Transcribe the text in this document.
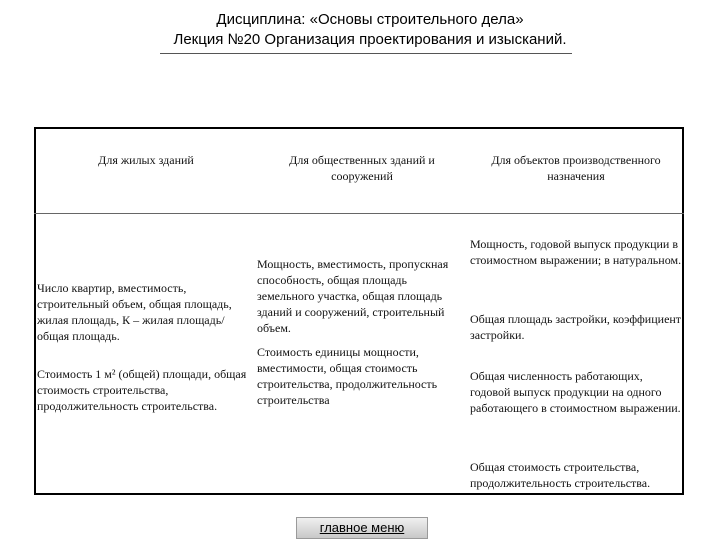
Дисциплина: «Основы строительного дела»
Лекция №20 Организация проектирования и изысканий.
Для жилых зданий	Для общественных зданий и сооружений
Для объектов производственного назначения
Число квартир, вместимость, строительный объем, общая площадь, жилая площадь, К – жилая площадь/общая площадь.
Стоимость 1 м² (общей) площади, общая стоимость строительства, продолжительность строительства.
Мощность, вместимость, пропускная способность, общая площадь земельного участка, общая площадь зданий и сооружений, строительный объем.
Стоимость единицы мощности, вместимости, общая стоимость строительства, продолжительность строительства
Мощность, годовой выпуск продукции в стоимостном выражении; в натуральном.
Общая площадь застройки, коэффициент застройки.
Общая численность работающих, годовой выпуск продукции на одного работающего в стоимостном выражении.
Общая стоимость строительства, продолжительность строительства.
главное меню
